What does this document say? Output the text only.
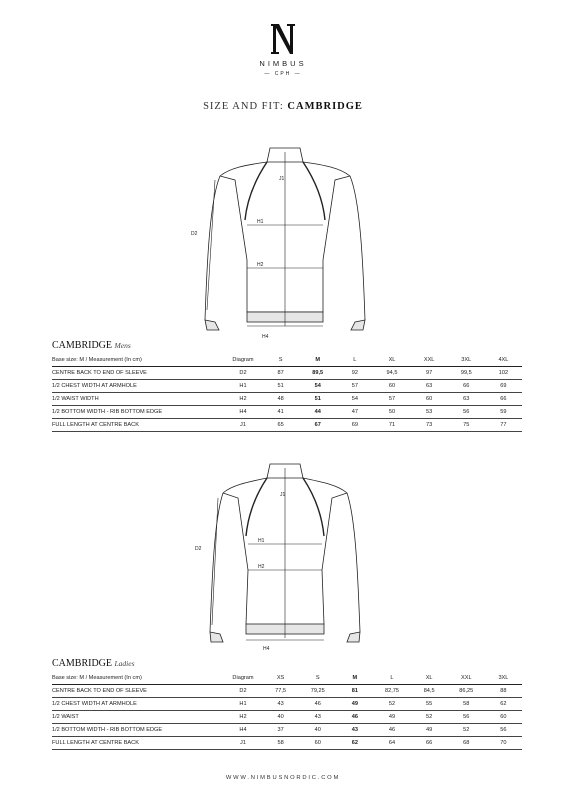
NIMBUS
— CPH —
SIZE AND FIT: CAMBRIDGE
J1
H1
H2
H4
D2
CAMBRIDGE Mens
Base size: M / Measurement (In cm)	Diagram	S	M	L	XL	XXL	3XL	4XL
CENTRE BACK TO END OF SLEEVE	D2	87	89,5	92	94,5	97	99,5	102
1/2 CHEST WIDTH AT ARMHOLE	H1	51	54	57	60	63	66	69
1/2 WAIST WIDTH	H2	48	51	54	57	60	63	66
1/2 BOTTOM WIDTH - RIB BOTTOM EDGE	H4	41	44	47	50	53	56	59
FULL LENGTH AT CENTRE BACK	J1	65	67	69	71	73	75	77
J1
H1
H2
H4
D2
CAMBRIDGE Ladies
Base size: M / Measurement (In cm)	Diagram	XS	S	M	L	XL	XXL	3XL
CENTRE BACK TO END OF SLEEVE	D2	77,5	79,25	81	82,75	84,5	86,25	88
1/2 CHEST WIDTH AT ARMHOLE	H1	43	46	49	52	55	58	62
1/2 WAIST	H2	40	43	46	49	52	56	60
1/2 BOTTOM WIDTH - RIB BOTTOM EDGE	H4	37	40	43	46	49	52	56
FULL LENGTH AT CENTRE BACK	J1	58	60	62	64	66	68	70
WWW.NIMBUSNORDIC.COM
